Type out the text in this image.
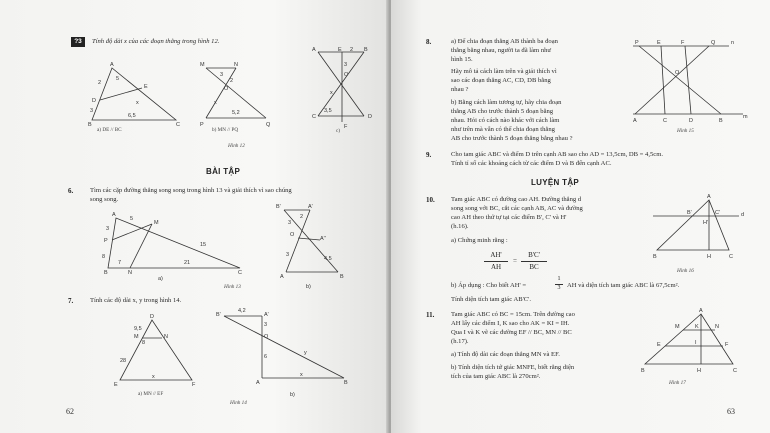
?3	Tính độ dài x của các đoạn thẳng trong hình 12.
A
D
E
B	C
2
3
5
x
6,5
a) DE // BC
M	N
O
P	Q
3
2
x
5,2
b) MN // PQ
A	E	B
O
D
C
F
x
2
3
3,5
c)
Hình 12
BÀI TẬP
6.	Tìm các cặp đường thẳng song song trong hình 13 và giải thích vì sao chúng
song song.
A
P
M
B	N	C
3
5
8
15
7	21
a)
B'	A'
A''
O
B
A
2
3
3
4,5
b)
Hình 13
7.	Tính các độ dài x, y trong hình 14.
D
M	N
E	F
9,5
8
28
x
a) MN // EF
B'	A'
A	B
O
4,2
3
6
x
y
b)
Hình 14
62
8.	a) Để chia đoạn thẳng AB thành ba đoạn
thẳng bằng nhau, người ta đã làm như
hình 15.
Hãy mô tả cách làm trên và giải thích vì
sao các đoạn thẳng AC, CD, DB bằng
nhau ?
b) Bằng cách làm tương tự, hãy chia đoạn
thẳng AB cho trước thành 5 đoạn bằng
nhau. Hỏi có cách nào khác với cách làm
như trên mà vẫn có thể chia đoạn thẳng
AB cho trước thành 5 đoạn thẳng bằng nhau ?
P	E	F	Q	n
O
A	C	D	B
m
Hình 15
9.	Cho tam giác ABC và điểm D trên cạnh AB sao cho AD = 13,5cm, DB = 4,5cm.
Tính tỉ số các khoảng cách từ các điểm D và B đến cạnh AC.
LUYỆN TẬP
10. Tam giác ABC có đường cao AH. Đường thẳng d
song song với BC, cắt các cạnh AB, AC và đường
cao AH theo thứ tự tại các điểm B', C' và H'
(h.16).
a) Chứng minh rằng :
AH'
AH
=
B'C'
BC
b) Áp dụng : Cho biết AH' =
1
3 AH và diện tích tam giác ABC là 67,5cm².
Tính diện tích tam giác AB'C'.
A
d
B'
H'
C'
B	H	C
Hình 16
11.	Tam giác ABC có BC = 15cm. Trên đường cao
AH lấy các điểm I, K sao cho AK = KI = IH.
Qua I và K vẽ các đường EF // BC, MN // BC
(h.17).
a) Tính độ dài các đoạn thẳng MN và EF.
b) Tính diện tích tứ giác MNFE, biết rằng diện
tích của tam giác ABC là 270cm².
A
M	K	N
E	I	F
B	H	C
Hình 17
63
